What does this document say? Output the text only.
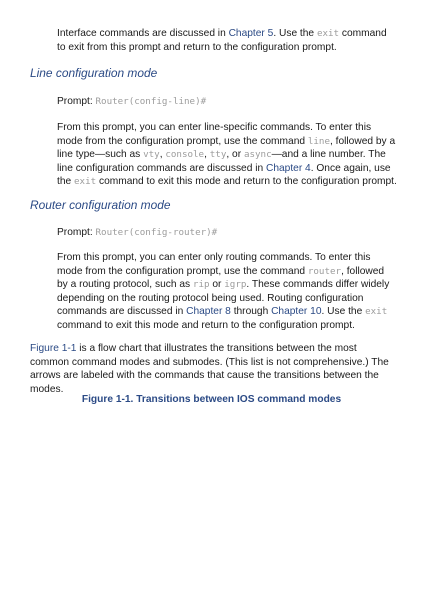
Interface commands are discussed in Chapter 5. Use the exit command to exit from this prompt and return to the configuration prompt.

Line configuration mode

Prompt: Router(config-line)#

From this prompt, you can enter line-specific commands. To enter this mode from the configuration prompt, use the command line, followed by a line type—such as vty, console, tty, or async—and a line number. The line configuration commands are discussed in Chapter 4. Once again, use the exit command to exit this mode and return to the configuration prompt.

Router configuration mode

Prompt: Router(config-router)#

From this prompt, you can enter only routing commands. To enter this mode from the configuration prompt, use the command router, followed by a routing protocol, such as rip or igrp. These commands differ widely depending on the routing protocol being used. Routing configuration commands are discussed in Chapter 8 through Chapter 10. Use the exit command to exit this mode and return to the configuration prompt.

Figure 1-1 is a flow chart that illustrates the transitions between the most common command modes and submodes. (This list is not comprehensive.) The arrows are labeled with the commands that cause the transitions between the modes.

Figure 1-1. Transitions between IOS command modes
